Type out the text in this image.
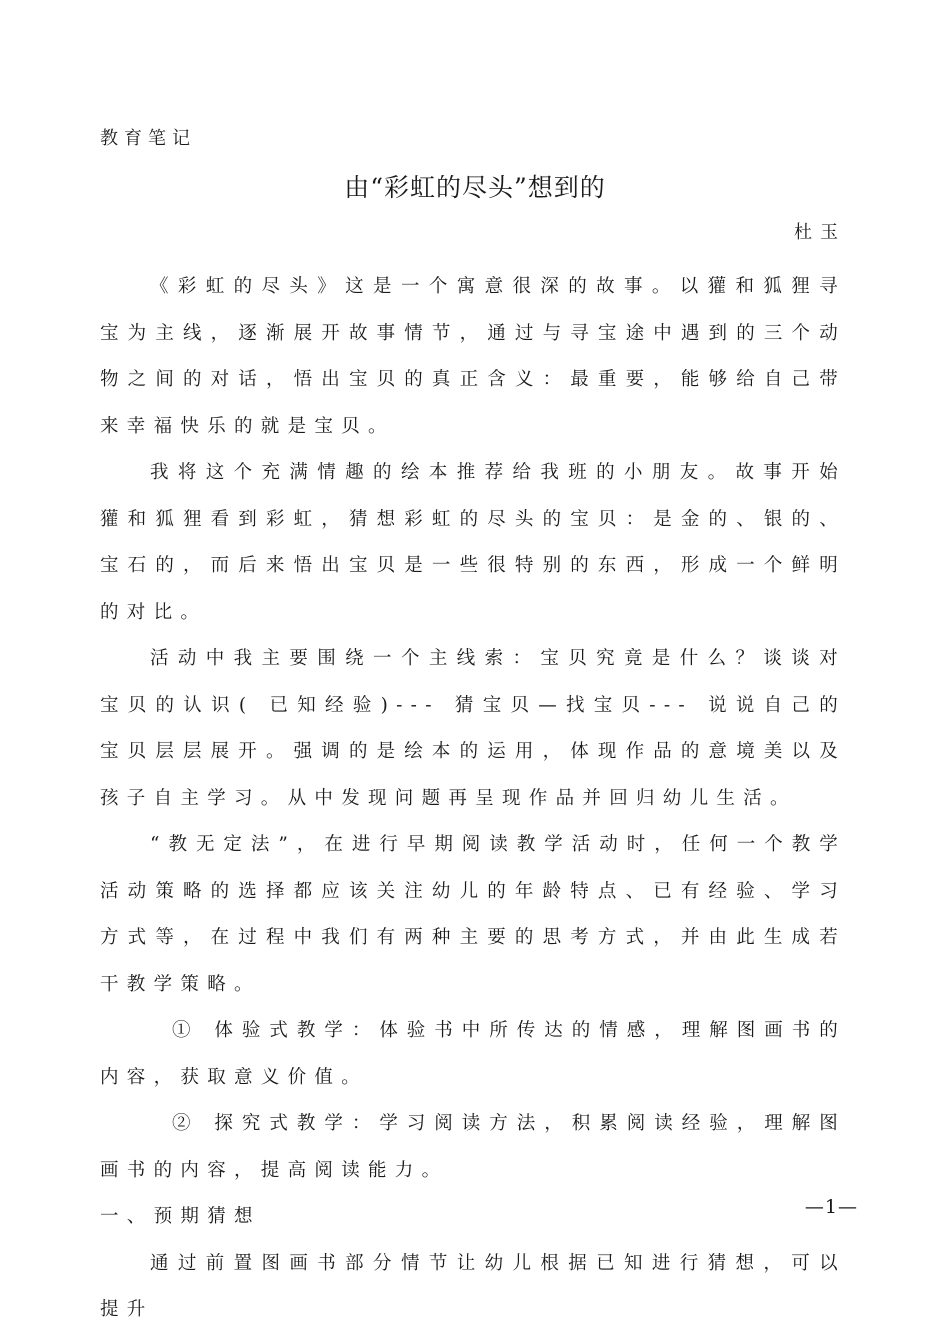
教育笔记
由“彩虹的尽头”想到的
杜玉

《彩虹的尽头》这是一个寓意很深的故事。以獾和狐狸寻宝为主线，逐渐展开故事情节，通过与寻宝途中遇到的三个动物之间的对话，悟出宝贝的真正含义：最重要，能够给自己带来幸福快乐的就是宝贝。

我将这个充满情趣的绘本推荐给我班的小朋友。故事开始獾和狐狸看到彩虹，猜想彩虹的尽头的宝贝：是金的、银的、宝石的，而后来悟出宝贝是一些很特别的东西，形成一个鲜明的对比。

活动中我主要围绕一个主线索：宝贝究竟是什么？谈谈对宝贝的认识( 已知经验)--- 猜宝贝—找宝贝--- 说说自己的宝贝层层展开。强调的是绘本的运用，体现作品的意境美以及孩子自主学习。从中发现问题再呈现作品并回归幼儿生活。

“教无定法”，在进行早期阅读教学活动时，任何一个教学活动策略的选择都应该关注幼儿的年龄特点、已有经验、学习方式等，在过程中我们有两种主要的思考方式，并由此生成若干教学策略。

① 体验式教学：体验书中所传达的情感，理解图画书的内容，获取意义价值。

② 探究式教学：学习阅读方法，积累阅读经验，理解图画书的内容，提高阅读能力。

一、预期猜想

通过前置图画书部分情节让幼儿根据已知进行猜想，可以提升

—1—
